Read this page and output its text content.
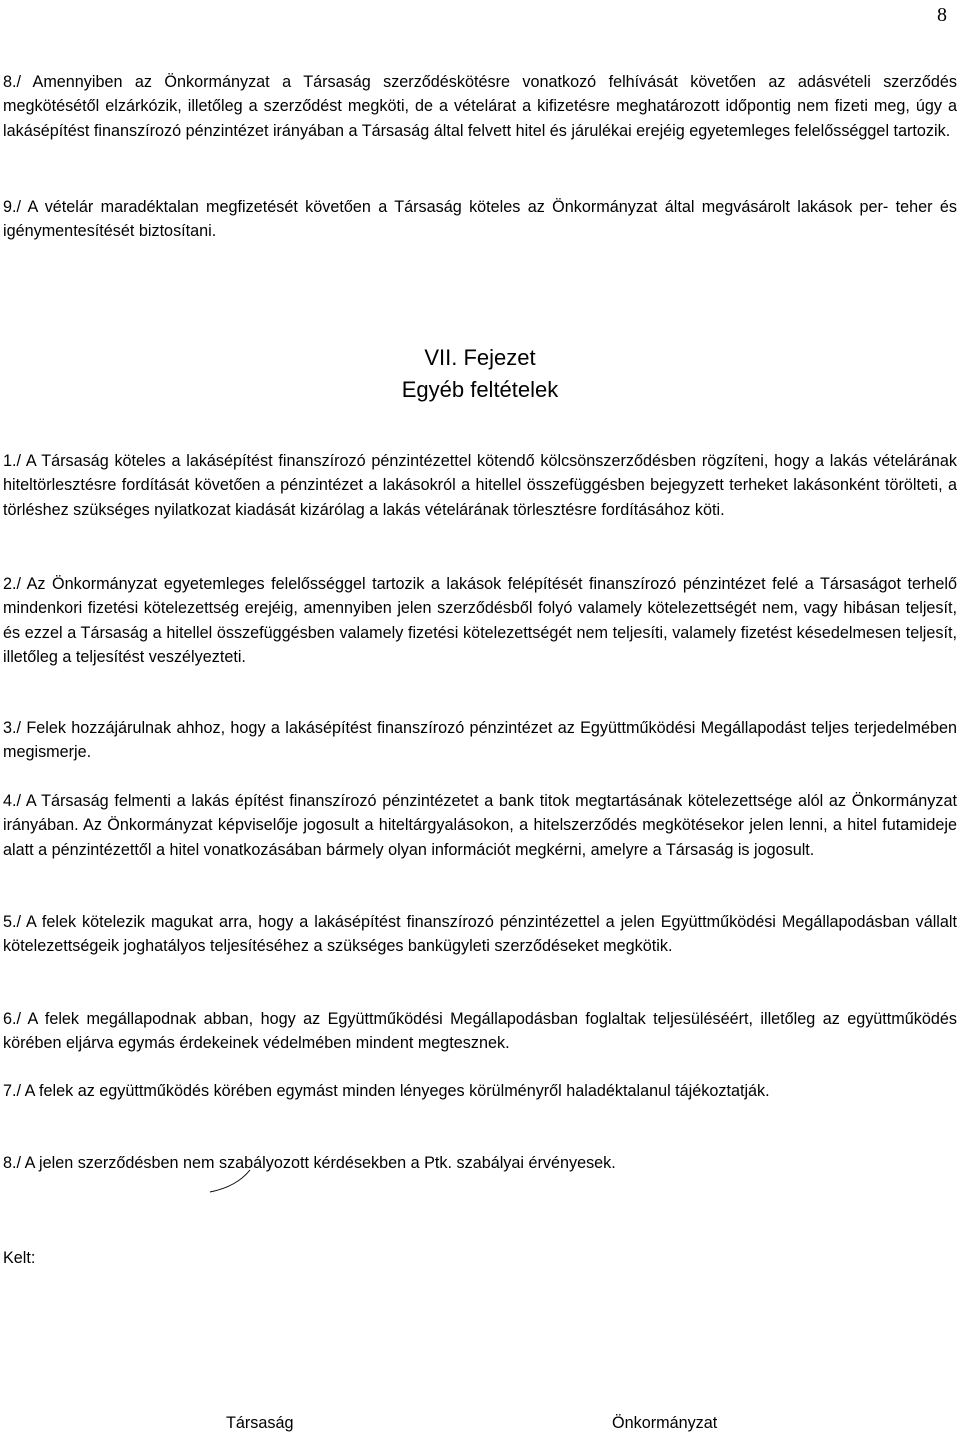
8

8./ Amennyiben az Önkormányzat a Társaság szerződéskötésre vonatkozó felhívását követően az adásvételi szerződés megkötésétől elzárkózik, illetőleg a szerződést megköti, de a vételárat a kifizetésre meghatározott időpontig nem fizeti meg, úgy a lakásépítést finanszírozó pénzintézet irányában a Társaság által felvett hitel és járulékai erejéig egyetemleges felelősséggel tartozik.

9./ A vételár maradéktalan megfizetését követően a Társaság köteles az Önkormányzat által megvásárolt lakások per- teher és igénymentesítését biztosítani.

VII. Fejezet
Egyéb feltételek

1./ A Társaság köteles a lakásépítést finanszírozó pénzintézettel kötendő kölcsönszerződésben rögzíteni, hogy a lakás vételárának hiteltörlesztésre fordítását követően a pénzintézet a lakásokról a hitellel összefüggésben bejegyzett terheket lakásonként törölteti, a törléshez szükséges nyilatkozat kiadását kizárólag a lakás vételárának törlesztésre fordításához köti.

2./ Az Önkormányzat egyetemleges felelősséggel tartozik a lakások felépítését finanszírozó pénzintézet felé a Társaságot terhelő mindenkori fizetési kötelezettség erejéig, amennyiben jelen szerződésből folyó valamely kötelezettségét nem, vagy hibásan teljesít, és ezzel a Társaság a hitellel összefüggésben valamely fizetési kötelezettségét nem teljesíti, valamely fizetést késedelmesen teljesít, illetőleg a teljesítést veszélyezteti.

3./ Felek hozzájárulnak ahhoz, hogy a lakásépítést finanszírozó pénzintézet az Együttműködési Megállapodást teljes terjedelmében megismerje.

4./ A Társaság felmenti a lakás építést finanszírozó pénzintézetet a bank titok megtartásának kötelezettsége alól az Önkormányzat irányában. Az Önkormányzat képviselője jogosult a hiteltárgyalásokon, a hitelszerződés megkötésekor jelen lenni, a hitel futamideje alatt a pénzintézettől a hitel vonatkozásában bármely olyan információt megkérni, amelyre a Társaság is jogosult.

5./ A felek kötelezik magukat arra, hogy a lakásépítést finanszírozó pénzintézettel a jelen Együttműködési Megállapodásban vállalt kötelezettségeik joghatályos teljesítéséhez a szükséges bankügyleti szerződéseket megkötik.

6./ A felek megállapodnak abban, hogy az Együttműködési Megállapodásban foglaltak teljesüléséért, illetőleg az együttműködés körében eljárva egymás érdekeinek védelmében mindent megtesznek.

7./ A felek az együttműködés körében egymást minden lényeges körülményről haladéktalanul tájékoztatják.

8./ A jelen szerződésben nem szabályozott kérdésekben a Ptk. szabályai érvényesek.

Kelt:
Társaság	Önkormányzat
